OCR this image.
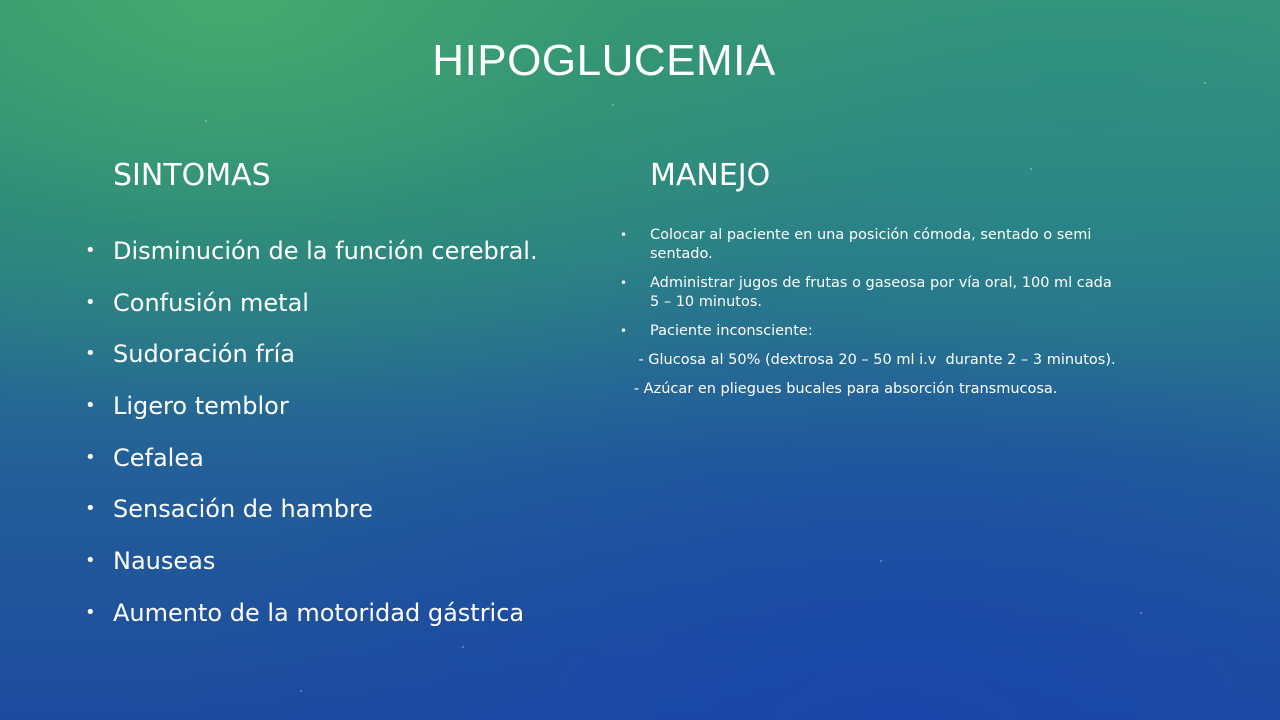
HIPOGLUCEMIA
SINTOMAS	MANEJO
• Disminución de la función cerebral.
• Confusión metal
• Sudoración fría
• Ligero temblor
• Cefalea
• Sensación de hambre
• Nauseas
• Aumento de la motoridad gástrica
• Colocar al paciente en una posición cómoda, sentado o semi sentado.
• Administrar jugos de frutas o gaseosa por vía oral, 100 ml cada 5 – 10 minutos.
• Paciente inconsciente:
- Glucosa al 50% (dextrosa 20 – 50 ml i.v  durante 2 – 3 minutos).
- Azúcar en pliegues bucales para absorción transmucosa.
